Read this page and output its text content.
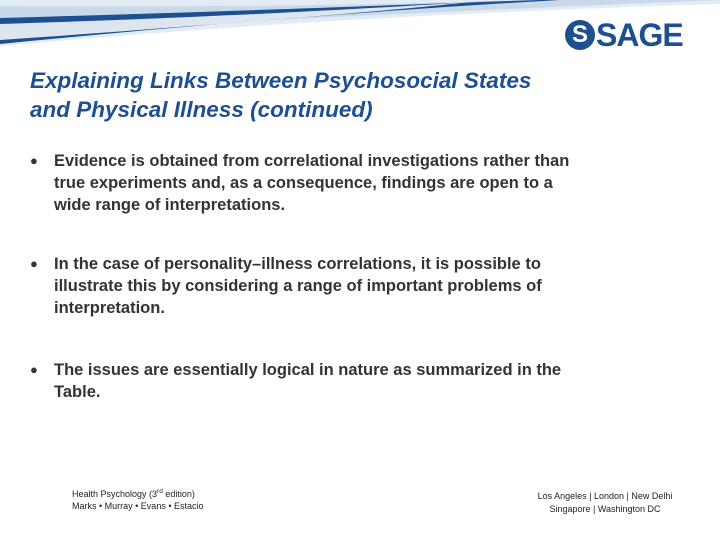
S SAGE
Explaining Links Between Psychosocial States
and Physical Illness (continued)
● Evidence is obtained from correlational investigations rather than
true experiments and, as a consequence, findings are open to a
wide range of interpretations.
● In the case of personality–illness correlations, it is possible to
illustrate this by considering a range of important problems of
interpretation.
● The issues are essentially logical in nature as summarized in the
Table.
Health Psychology (3rd edition)
Marks • Murray • Evans • Estacio
Los Angeles | London | New Delhi
Singapore | Washington DC
